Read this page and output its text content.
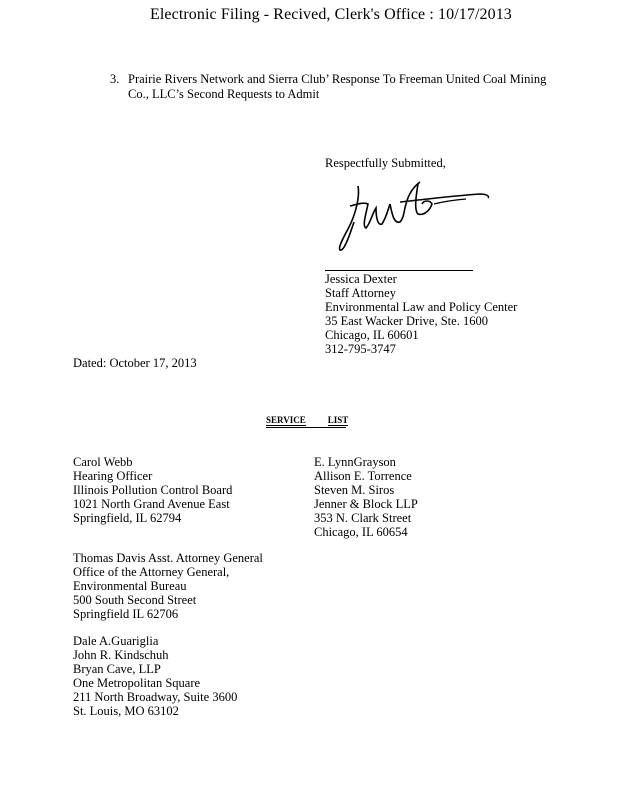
Electronic Filing - Recived, Clerk's Office : 10/17/2013
3. Prairie Rivers Network and Sierra Club’ Response To Freeman United Coal Mining
Co., LLC’s Second Requests to Admit
Respectfully Submitted,
Jessica Dexter
Staff Attorney
Environmental Law and Policy Center
35 East Wacker Drive, Ste. 1600
Chicago, IL 60601
312-795-3747
Dated: October 17, 2013
SERVICE LIST
Carol Webb
Hearing Officer
Illinois Pollution Control Board
1021 North Grand Avenue East
Springfield, IL 62794
E. LynnGrayson
Allison E. Torrence
Steven M. Siros
Jenner & Block LLP
353 N. Clark Street
Chicago, IL 60654
Thomas Davis Asst. Attorney General
Office of the Attorney General,
Environmental Bureau
500 South Second Street
Springfield IL 62706
Dale A.Guariglia
John R. Kindschuh
Bryan Cave, LLP
One Metropolitan Square
211 North Broadway, Suite 3600
St. Louis, MO 63102
